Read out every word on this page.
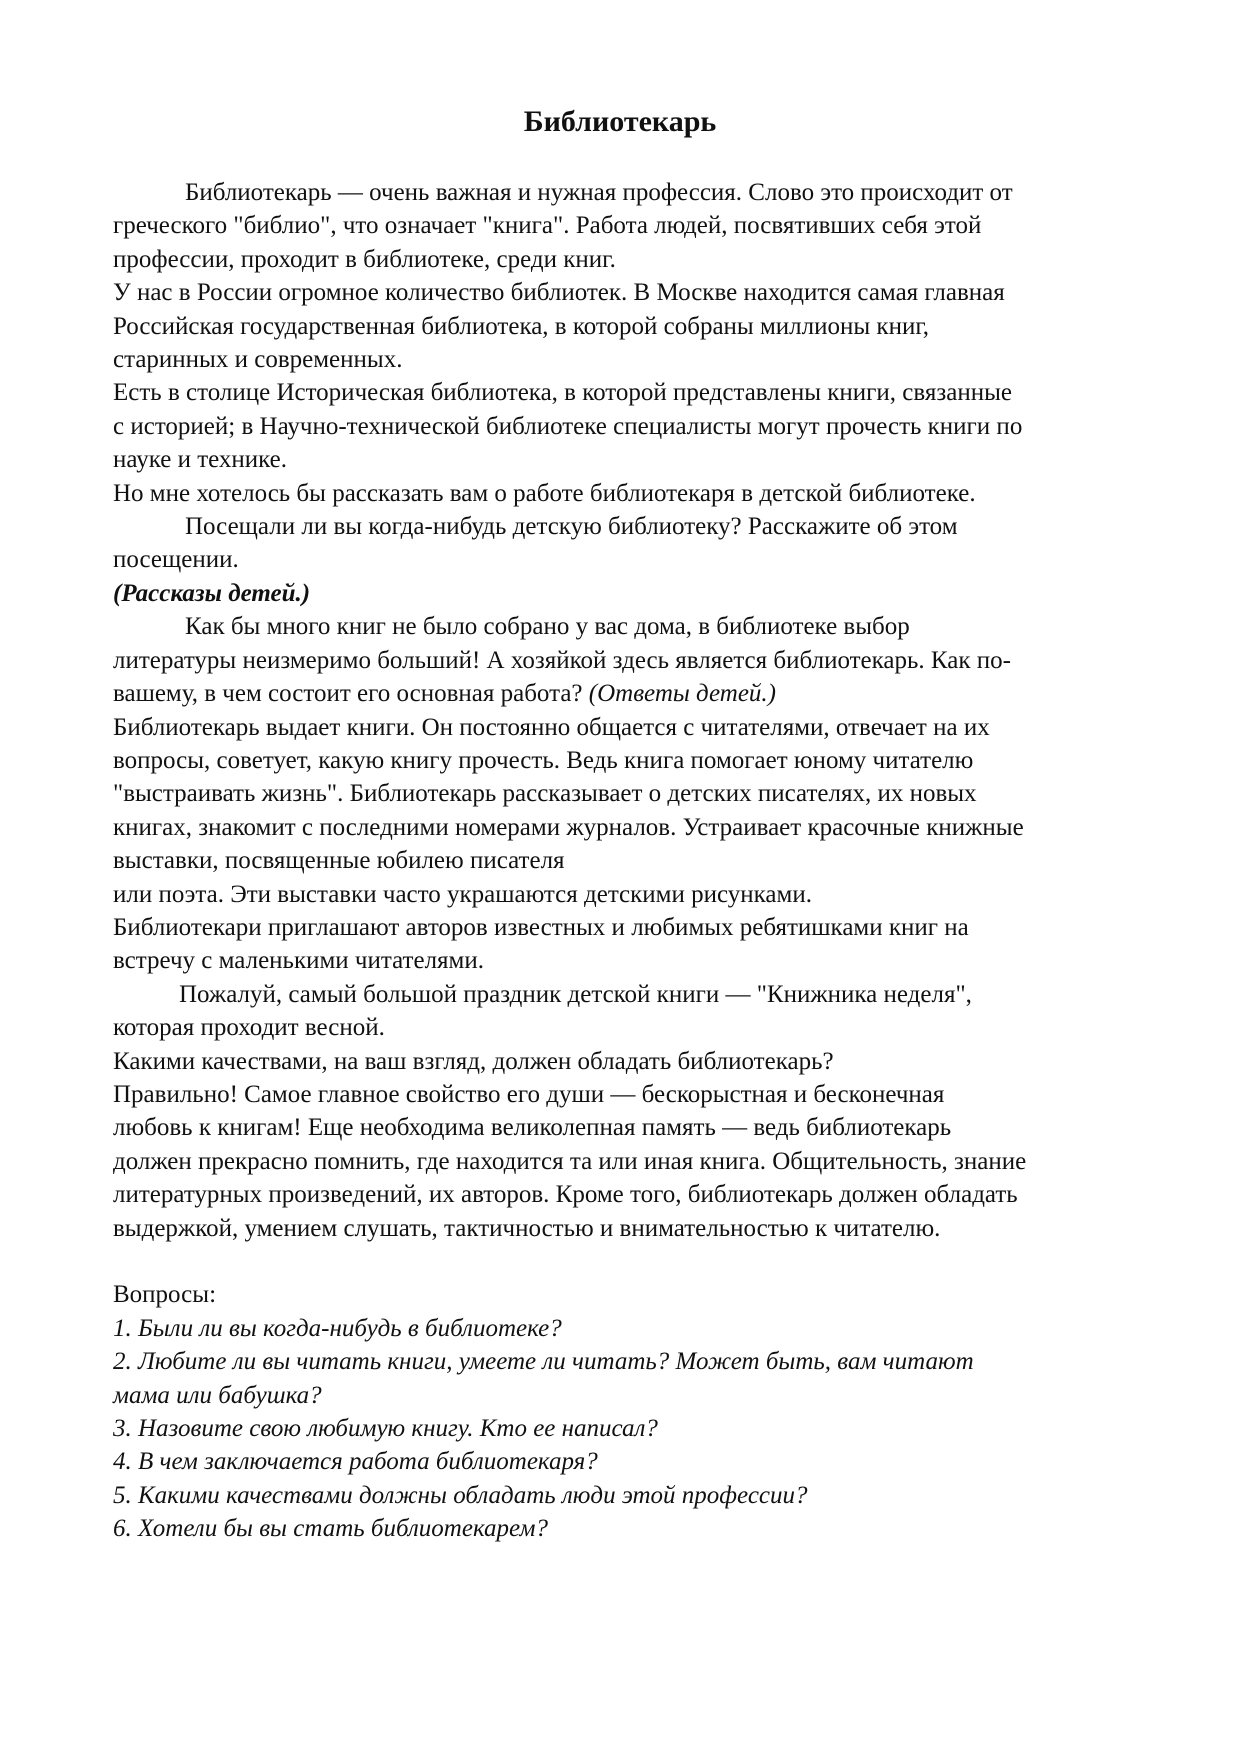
Библиотекарь
Библиотекарь — очень важная и нужная профессия. Слово это происходит от
греческого "библио", что означает "книга". Работа людей, посвятивших себя этой
профессии, проходит в библиотеке, среди книг.
У нас в России огромное количество библиотек. В Москве находится самая главная
Российская государственная библиотека, в которой собраны миллионы книг,
старинных и современных.
Есть в столице Историческая библиотека, в которой представлены книги, связанные
с историей; в Научно-технической библиотеке специалисты могут прочесть книги по
науке и технике.
Но мне хотелось бы рассказать вам о работе библиотекаря в детской библиотеке.
Посещали ли вы когда-нибудь детскую библиотеку? Расскажите об этом
посещении.
(Рассказы детей.)
Как бы много книг не было собрано у вас дома, в библиотеке выбор
литературы неизмеримо больший! А хозяйкой здесь является библиотекарь. Как по-
вашему, в чем состоит его основная работа? (Ответы детей.)
Библиотекарь выдает книги. Он постоянно общается с читателями, отвечает на их
вопросы, советует, какую книгу прочесть. Ведь книга помогает юному читателю
"выстраивать жизнь". Библиотекарь рассказывает о детских писателях, их новых
книгах, знакомит с последними номерами журналов. Устраивает красочные книжные
выставки, посвященные юбилею писателя
или поэта. Эти выставки часто украшаются детскими рисунками.
Библиотекари приглашают авторов известных и любимых ребятишками книг на
встречу с маленькими читателями.
Пожалуй, самый большой праздник детской книги — "Книжника неделя",
которая проходит весной.
Какими качествами, на ваш взгляд, должен обладать библиотекарь?
Правильно! Самое главное свойство его души — бескорыстная и бесконечная
любовь к книгам! Еще необходима великолепная память — ведь библиотекарь
должен прекрасно помнить, где находится та или иная книга. Общительность, знание
литературных произведений, их авторов. Кроме того, библиотекарь должен обладать
выдержкой, умением слушать, тактичностью и внимательностью к читателю.
Вопросы:
1. Были ли вы когда-нибудь в библиотеке?
2. Любите ли вы читать книги, умеете ли читать? Может быть, вам читают
мама или бабушка?
3. Назовите свою любимую книгу. Кто ее написал?
4. В чем заключается работа библиотекаря?
5. Какими качествами должны обладать люди этой профессии?
6. Хотели бы вы стать библиотекарем?
